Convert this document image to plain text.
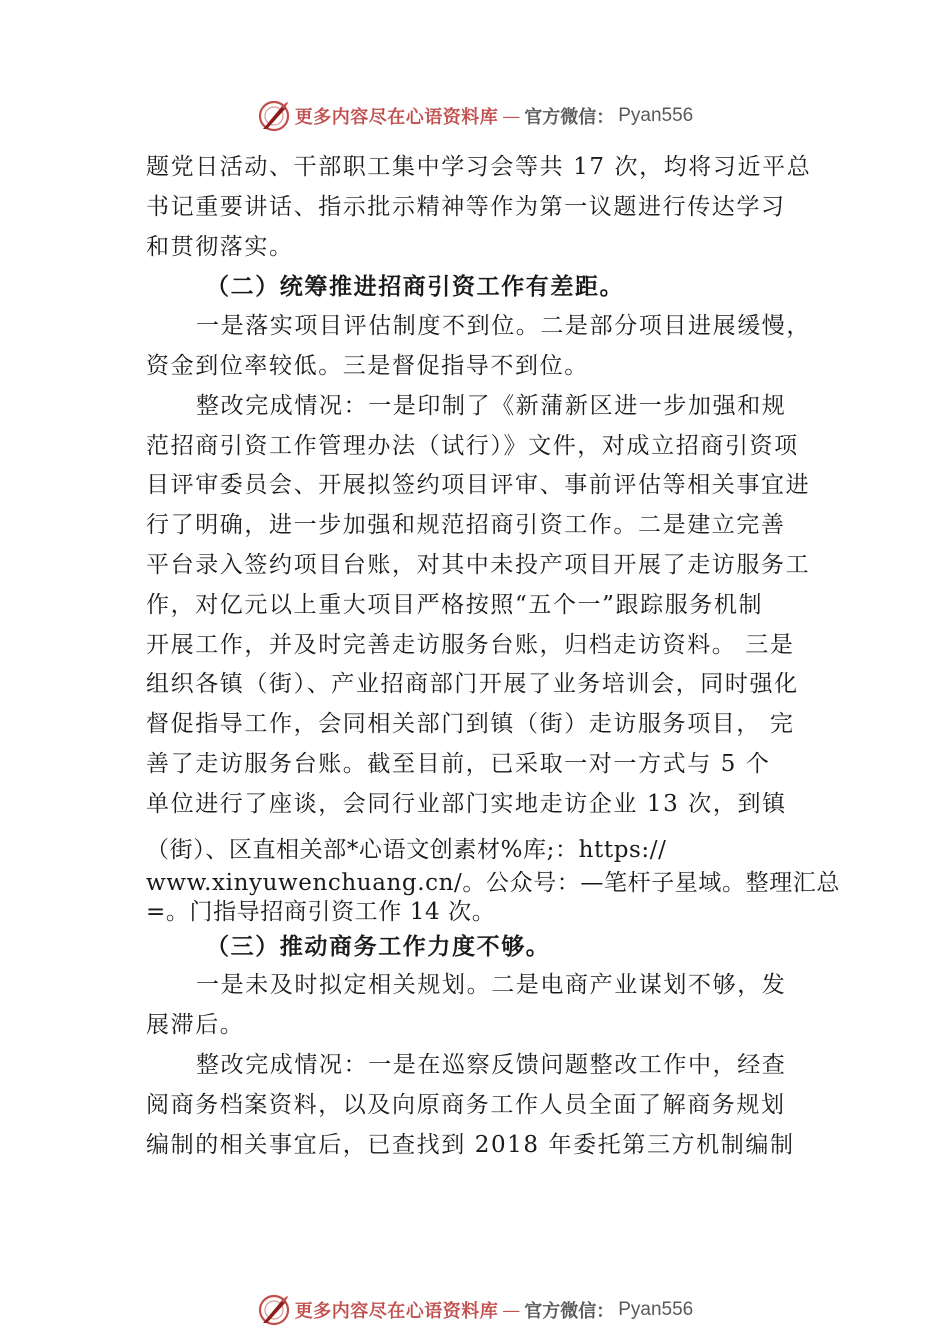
更多内容尽在心语资料库 — 官方微信： Pyan556
题党日活动、干部职工集中学习会等共 17 次，均将习近平总
书记重要讲话、指示批示精神等作为第一议题进行传达学习
和贯彻落实。
（二）统筹推进招商引资工作有差距。
一是落实项目评估制度不到位。二是部分项目进展缓慢，
资金到位率较低。三是督促指导不到位。
整改完成情况：一是印制了《新蒲新区进一步加强和规
范招商引资工作管理办法（试行）》文件，对成立招商引资项
目评审委员会、开展拟签约项目评审、事前评估等相关事宜进
行了明确，进一步加强和规范招商引资工作。二是建立完善
平台录入签约项目台账，对其中未投产项目开展了走访服务工
作，对亿元以上重大项目严格按照“五个一”跟踪服务机制
开展工作，并及时完善走访服务台账，归档走访资料。 三是
组织各镇（街）、产业招商部门开展了业务培训会，同时强化
督促指导工作，会同相关部门到镇（街）走访服务项目， 完
善了走访服务台账。截至目前，已采取一对一方式与 5 个
单位进行了座谈，会同行业部门实地走访企业 13 次，到镇
（街）、区直相关部*心语文创素材%库;：https://
www.xinyuwenchuang.cn/。公众号：—笔杆子星域。整理汇总
=。门指导招商引资工作 14 次。
（三）推动商务工作力度不够。
一是未及时拟定相关规划。二是电商产业谋划不够，发
展滞后。
整改完成情况：一是在巡察反馈问题整改工作中，经查
阅商务档案资料，以及向原商务工作人员全面了解商务规划
编制的相关事宜后，已查找到 2018 年委托第三方机制编制
更多内容尽在心语资料库 — 官方微信： Pyan556
